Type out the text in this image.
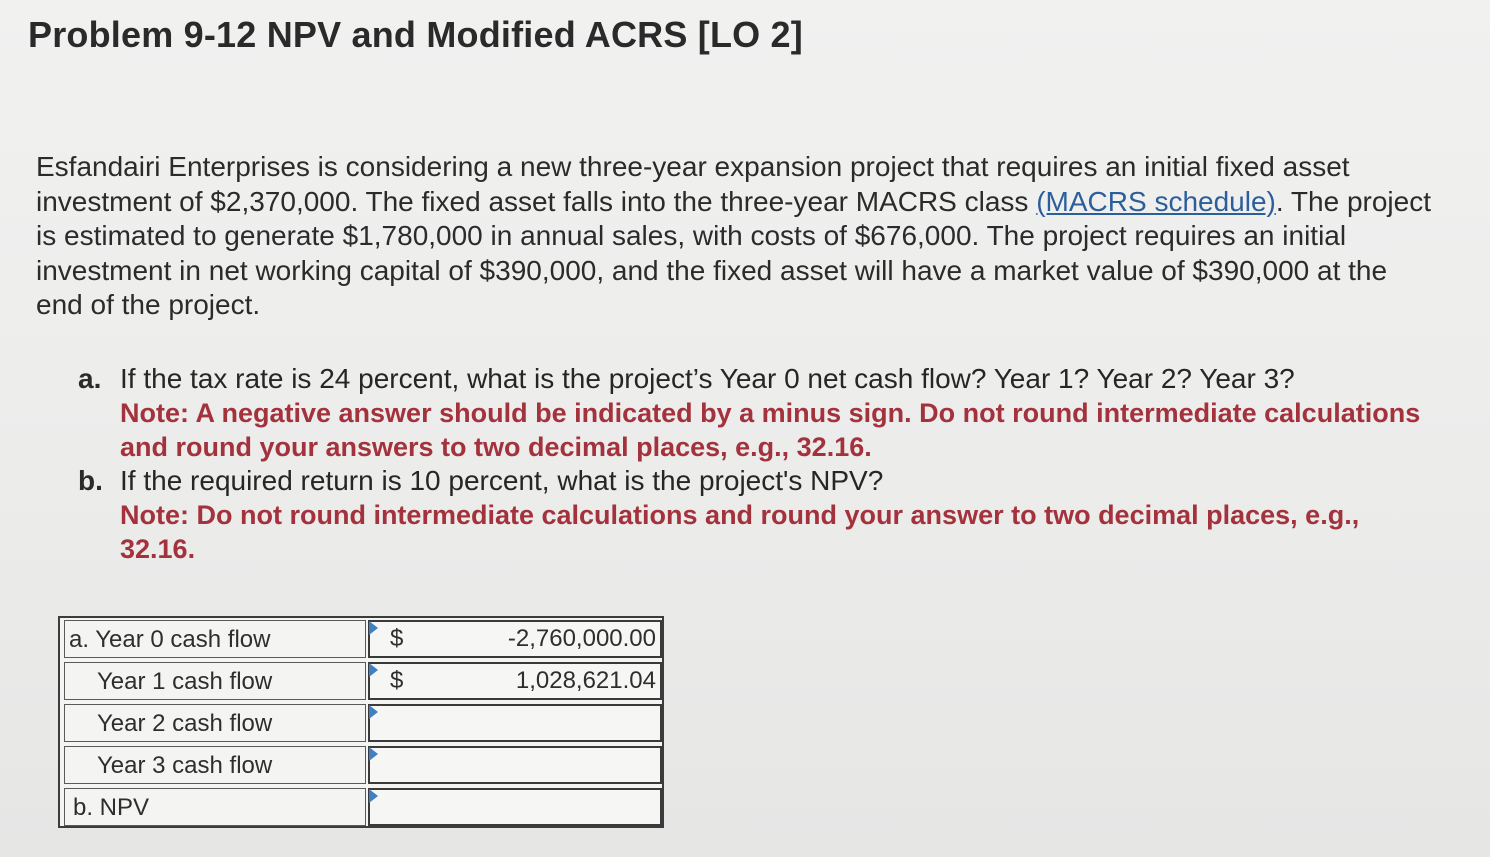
Problem 9-12 NPV and Modified ACRS [LO 2]
Esfandairi Enterprises is considering a new three-year expansion project that requires an initial fixed asset
investment of $2,370,000. The fixed asset falls into the three-year MACRS class (MACRS schedule). The project
is estimated to generate $1,780,000 in annual sales, with costs of $676,000. The project requires an initial
investment in net working capital of $390,000, and the fixed asset will have a market value of $390,000 at the
end of the project.
a. If the tax rate is 24 percent, what is the project’s Year 0 net cash flow? Year 1? Year 2? Year 3?
Note: A negative answer should be indicated by a minus sign. Do not round intermediate calculations
and round your answers to two decimal places, e.g., 32.16.
b. If the required return is 10 percent, what is the project's NPV?
Note: Do not round intermediate calculations and round your answer to two decimal places, e.g.,
32.16.
a. Year 0 cash flow	$
-2,760,000.00
Year 1 cash flow	$
1,028,621.04
Year 2 cash flow
Year 3 cash flow
b. NPV
